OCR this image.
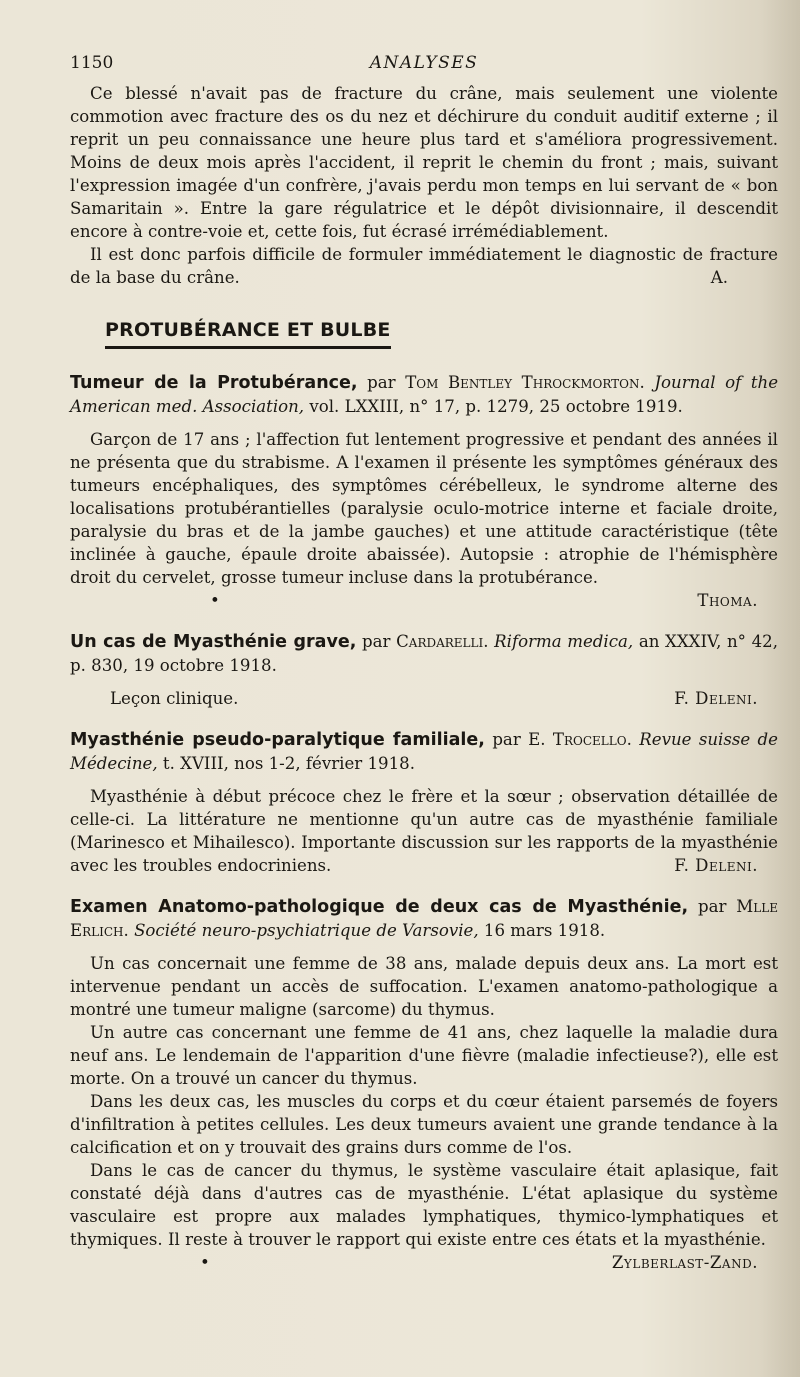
1150	ANALYSES

Ce blessé n'avait pas de fracture du crâne, mais seulement une violente commotion avec fracture des os du nez et déchirure du conduit auditif externe ; il reprit un peu connaissance une heure plus tard et s'améliora progressivement. Moins de deux mois après l'accident, il reprit le chemin du front ; mais, suivant l'expression imagée d'un confrère, j'avais perdu mon temps en lui servant de « bon Samaritain ». Entre la gare régulatrice et le dépôt divisionnaire, il descendit encore à contre-voie et, cette fois, fut écrasé irrémédiablement.

Il est donc parfois difficile de formuler immédiatement le diagnostic de fracture de la base du crâne.	A.

PROTUBÉRANCE ET BULBE
Tumeur de la Protubérance, par Tom Bentley Throckmorton. Journal of the American med. Association, vol. LXXIII, n° 17, p. 1279, 25 octobre 1919.

Garçon de 17 ans ; l'affection fut lentement progressive et pendant des années il ne présenta que du strabisme. A l'examen il présente les symptômes généraux des tumeurs encéphaliques, des symptômes cérébelleux, le syndrome alterne des localisations protubérantielles (paralysie oculo-motrice interne et faciale droite, paralysie du bras et de la jambe gauches) et une attitude caractéristique (tête inclinée à gauche, épaule droite abaissée). Autopsie : atrophie de l'hémisphère droit du cervelet, grosse tumeur incluse dans la protubérance.

•	Thoma.
Un cas de Myasthénie grave, par Cardarelli. Riforma medica, an XXXIV, n° 42, p. 830, 19 octobre 1918.
Leçon clinique.	F. Deleni.
Myasthénie pseudo-paralytique familiale, par E. Trocello. Revue suisse de Médecine, t. XVIII, nos 1-2, février 1918.

Myasthénie à début précoce chez le frère et la sœur ; observation détaillée de celle-ci. La littérature ne mentionne qu'un autre cas de myasthénie familiale (Marinesco et Mihailesco). Importante discussion sur les rapports de la myasthénie avec les troubles endocriniens.	F. Deleni.

Examen Anatomo-pathologique de deux cas de Myasthénie, par Mlle Erlich. Société neuro-psychiatrique de Varsovie, 16 mars 1918.

Un cas concernait une femme de 38 ans, malade depuis deux ans. La mort est intervenue pendant un accès de suffocation. L'examen anatomo-pathologique a montré une tumeur maligne (sarcome) du thymus.

Un autre cas concernant une femme de 41 ans, chez laquelle la maladie dura neuf ans. Le lendemain de l'apparition d'une fièvre (maladie infectieuse?), elle est morte. On a trouvé un cancer du thymus.

Dans les deux cas, les muscles du corps et du cœur étaient parsemés de foyers d'infiltration à petites cellules. Les deux tumeurs avaient une grande tendance à la calcification et on y trouvait des grains durs comme de l'os.

Dans le cas de cancer du thymus, le système vasculaire était aplasique, fait constaté déjà dans d'autres cas de myasthénie. L'état aplasique du système vasculaire est propre aux malades lymphatiques, thymico-lymphatiques et thymiques. Il reste à trouver le rapport qui existe entre ces états et la myasthénie.

•	Zylberlast-Zand.
